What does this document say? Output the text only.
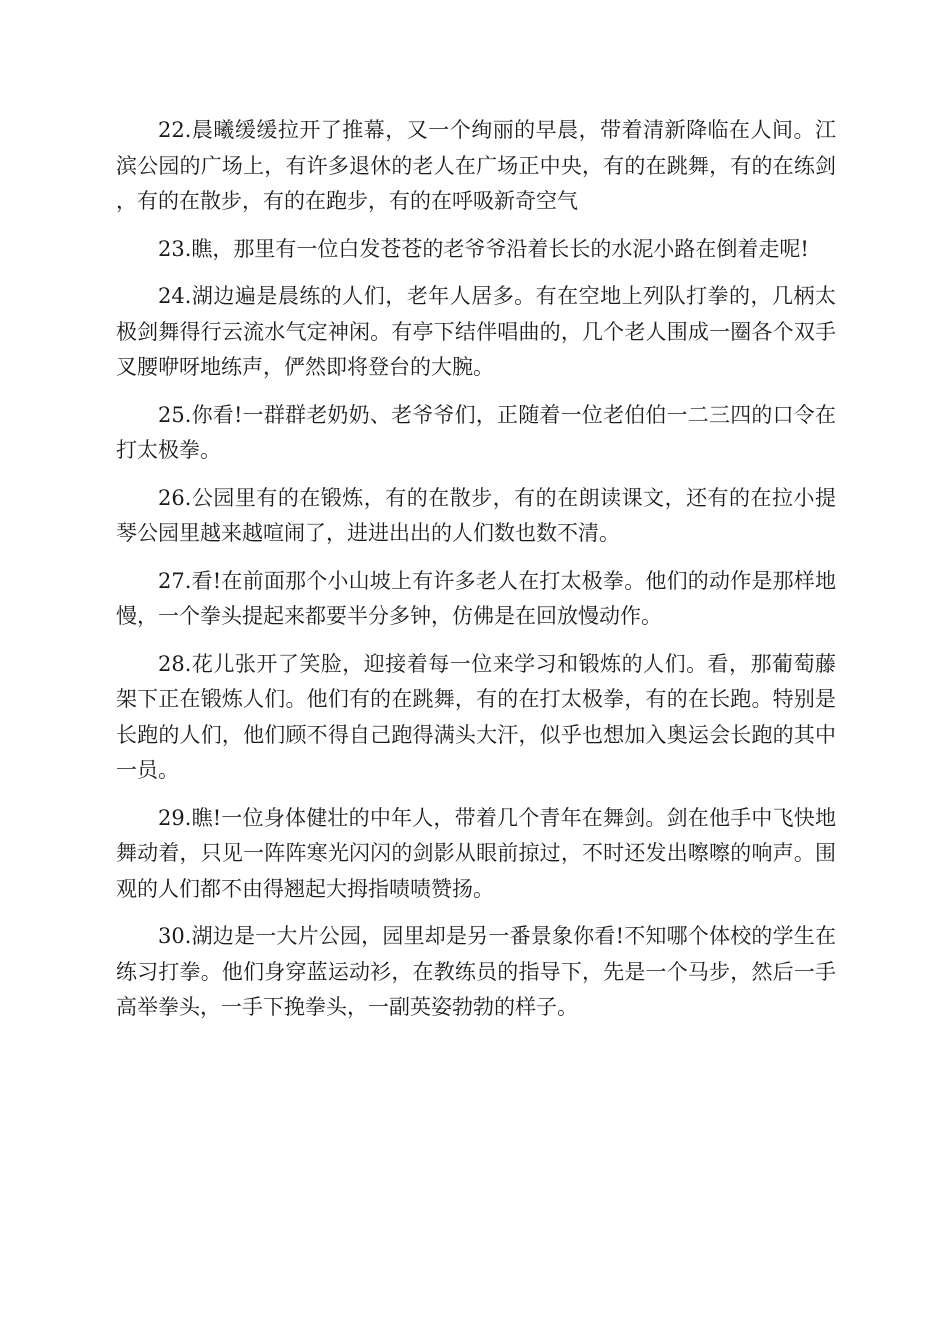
22.晨曦缓缓拉开了推幕，又一个绚丽的早晨，带着清新降临在人间。江滨公园的广场上，有许多退休的老人在广场正中央，有的在跳舞，有的在练剑，有的在散步，有的在跑步，有的在呼吸新奇空气

23.瞧，那里有一位白发苍苍的老爷爷沿着长长的水泥小路在倒着走呢!

24.湖边遍是晨练的人们，老年人居多。有在空地上列队打拳的，几柄太极剑舞得行云流水气定神闲。有亭下结伴唱曲的，几个老人围成一圈各个双手叉腰咿呀地练声，俨然即将登台的大腕。

25.你看!一群群老奶奶、老爷爷们，正随着一位老伯伯一二三四的口令在打太极拳。

26.公园里有的在锻炼，有的在散步，有的在朗读课文，还有的在拉小提琴公园里越来越喧闹了，进进出出的人们数也数不清。

27.看!在前面那个小山坡上有许多老人在打太极拳。他们的动作是那样地慢，一个拳头提起来都要半分多钟，仿佛是在回放慢动作。

28.花儿张开了笑脸，迎接着每一位来学习和锻炼的人们。看，那葡萄藤架下正在锻炼人们。他们有的在跳舞，有的在打太极拳，有的在长跑。特别是长跑的人们，他们顾不得自己跑得满头大汗，似乎也想加入奥运会长跑的其中一员。

29.瞧!一位身体健壮的中年人，带着几个青年在舞剑。剑在他手中飞快地舞动着，只见一阵阵寒光闪闪的剑影从眼前掠过，不时还发出嚓嚓的响声。围观的人们都不由得翘起大拇指啧啧赞扬。

30.湖边是一大片公园，园里却是另一番景象你看!不知哪个体校的学生在练习打拳。他们身穿蓝运动衫，在教练员的指导下，先是一个马步，然后一手高举拳头，一手下挽拳头，一副英姿勃勃的样子。
